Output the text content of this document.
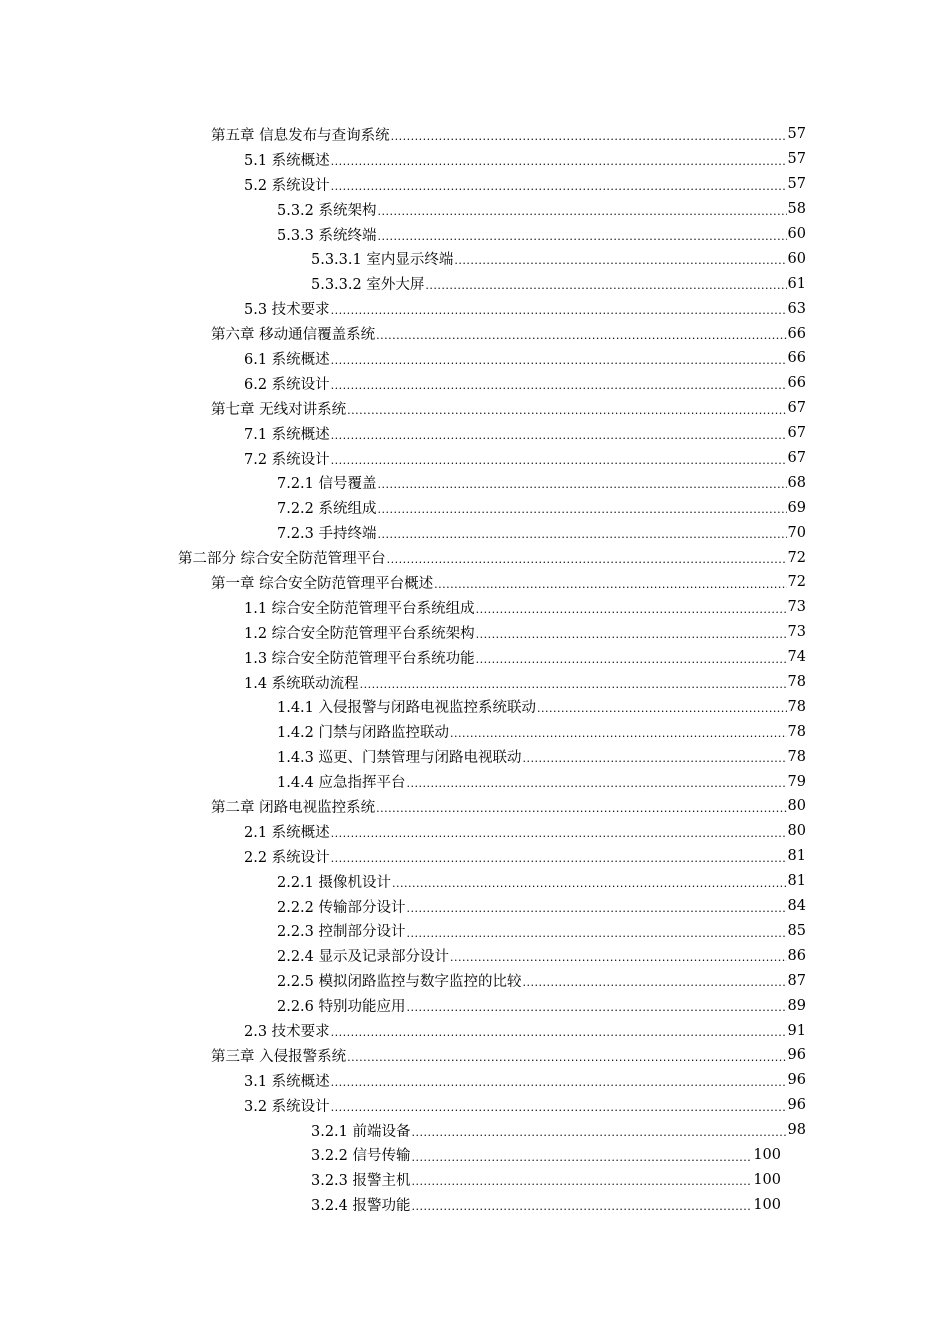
第五章 信息发布与查询系统 .....	57
5.1 系统概述 .....	57
5.2 系统设计 .....	57
5.3.2 系统架构 .....	58
5.3.3 系统终端 .....	60
5.3.3.1 室内显示终端 .....	60
5.3.3.2 室外大屏 .....	61
5.3 技术要求 .....	63
第六章 移动通信覆盖系统 .....	66
6.1 系统概述 .....	66
6.2 系统设计 .....	66
第七章 无线对讲系统 .....	67
7.1 系统概述 .....	67
7.2 系统设计 .....	67
7.2.1 信号覆盖 .....	68
7.2.2 系统组成 .....	69
7.2.3 手持终端 .....	70
第二部分 综合安全防范管理平台 .....	72
第一章 综合安全防范管理平台概述 .....	72
1.1 综合安全防范管理平台系统组成 .....	73
1.2 综合安全防范管理平台系统架构 .....	73
1.3 综合安全防范管理平台系统功能 .....	74
1.4 系统联动流程 .....	78
1.4.1 入侵报警与闭路电视监控系统联动 .....	78
1.4.2 门禁与闭路监控联动 .....	78
1.4.3 巡更、门禁管理与闭路电视联动 .....	78
1.4.4 应急指挥平台 .....	79
第二章 闭路电视监控系统 .....	80
2.1 系统概述 .....	80
2.2 系统设计 .....	81
2.2.1 摄像机设计 .....	81
2.2.2 传输部分设计 .....	84
2.2.3 控制部分设计 .....	85
2.2.4 显示及记录部分设计 .....	86
2.2.5 模拟闭路监控与数字监控的比较 .....	87
2.2.6 特别功能应用 .....	89
2.3 技术要求 .....	91
第三章 入侵报警系统 .....	96
3.1 系统概述 .....	96
3.2 系统设计 .....	96
3.2.1 前端设备 .....	98
3.2.2 信号传输 .....	100
3.2.3 报警主机 .....	100
3.2.4 报警功能 .....	100
